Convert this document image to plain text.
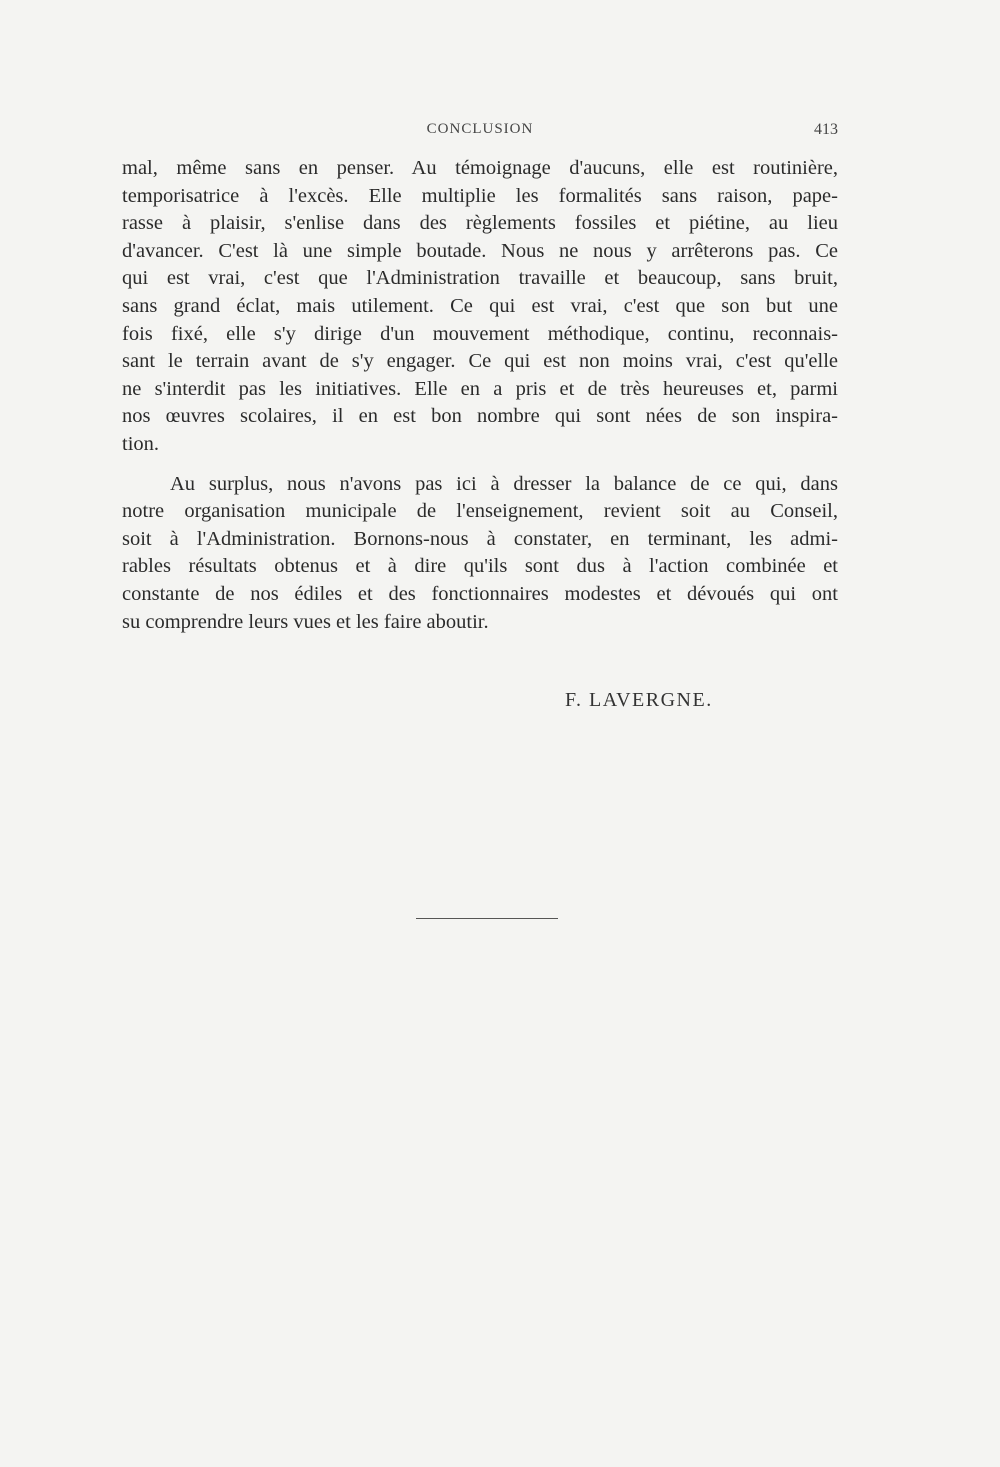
CONCLUSION	413
mal, même sans en penser. Au témoignage d'aucuns, elle est routinière,
temporisatrice à l'excès. Elle multiplie les formalités sans raison, pape-
rasse à plaisir, s'enlise dans des règlements fossiles et piétine, au lieu
d'avancer. C'est là une simple boutade. Nous ne nous y arrêterons pas. Ce
qui est vrai, c'est que l'Administration travaille et beaucoup, sans bruit,
sans grand éclat, mais utilement. Ce qui est vrai, c'est que son but une
fois fixé, elle s'y dirige d'un mouvement méthodique, continu, reconnais-
sant le terrain avant de s'y engager. Ce qui est non moins vrai, c'est qu'elle
ne s'interdit pas les initiatives. Elle en a pris et de très heureuses et, parmi
nos œuvres scolaires, il en est bon nombre qui sont nées de son inspira-
tion.
Au surplus, nous n'avons pas ici à dresser la balance de ce qui, dans
notre organisation municipale de l'enseignement, revient soit au Conseil,
soit à l'Administration. Bornons-nous à constater, en terminant, les admi-
rables résultats obtenus et à dire qu'ils sont dus à l'action combinée et
constante de nos édiles et des fonctionnaires modestes et dévoués qui ont
su comprendre leurs vues et les faire aboutir.
F. LAVERGNE.
